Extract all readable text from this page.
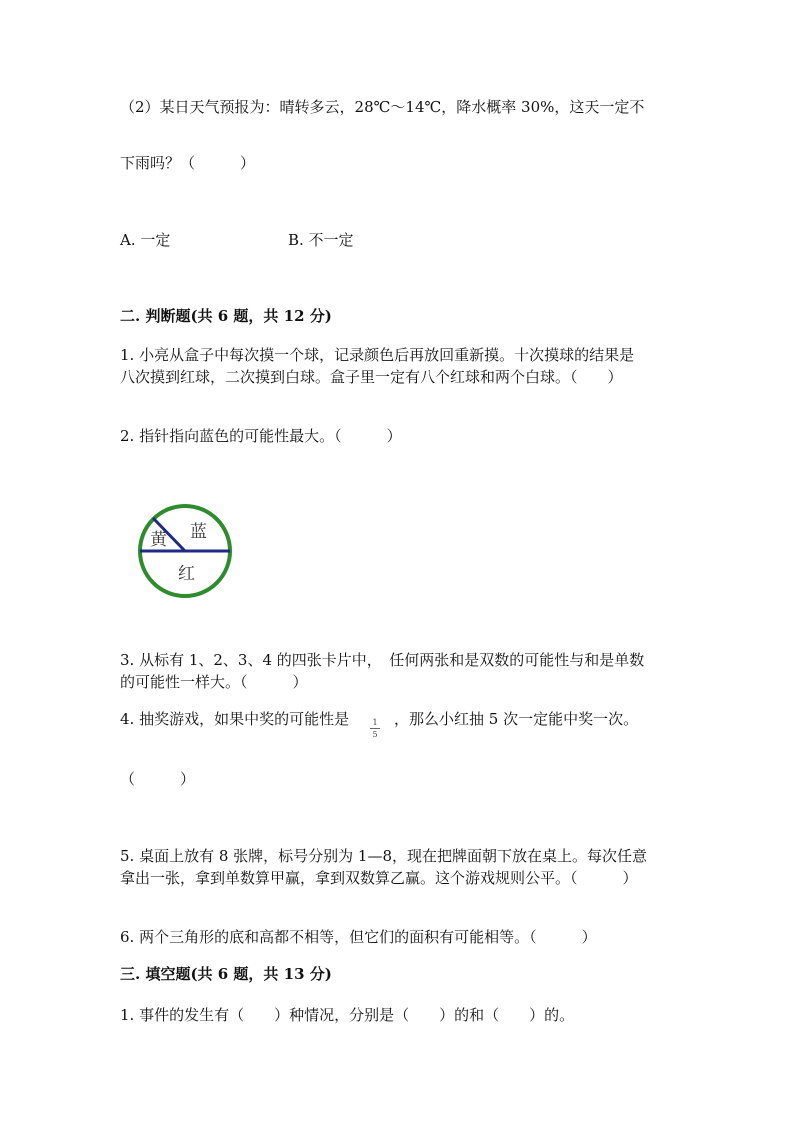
（2）某日天气预报为：晴转多云，28℃～14℃，降水概率 30%，这天一定不
下雨吗？（　　　）
A. 一定	B. 不一定
二. 判断题(共 6 题，共 12 分)
1. 小亮从盒子中每次摸一个球，记录颜色后再放回重新摸。十次摸球的结果是
八次摸到红球，二次摸到白球。盒子里一定有八个红球和两个白球。（　　）
2. 指针指向蓝色的可能性最大。（　　　）
黄 蓝
红
3. 从标有 1、2、3、4 的四张卡片中，　任何两张和是双数的可能性与和是单数
的可能性一样大。（　　　）
4. 抽奖游戏，如果中奖的可能性是	1
5
，那么小红抽 5 次一定能中奖一次。
（　　　）
5. 桌面上放有 8 张牌，标号分别为 1—8，现在把牌面朝下放在桌上。每次任意
拿出一张，拿到单数算甲赢，拿到双数算乙赢。这个游戏规则公平。（　　　）
6. 两个三角形的底和高都不相等，但它们的面积有可能相等。（　　　）
三. 填空题(共 6 题，共 13 分)
1. 事件的发生有（　　）种情况，分别是（　　）的和（　　）的。
